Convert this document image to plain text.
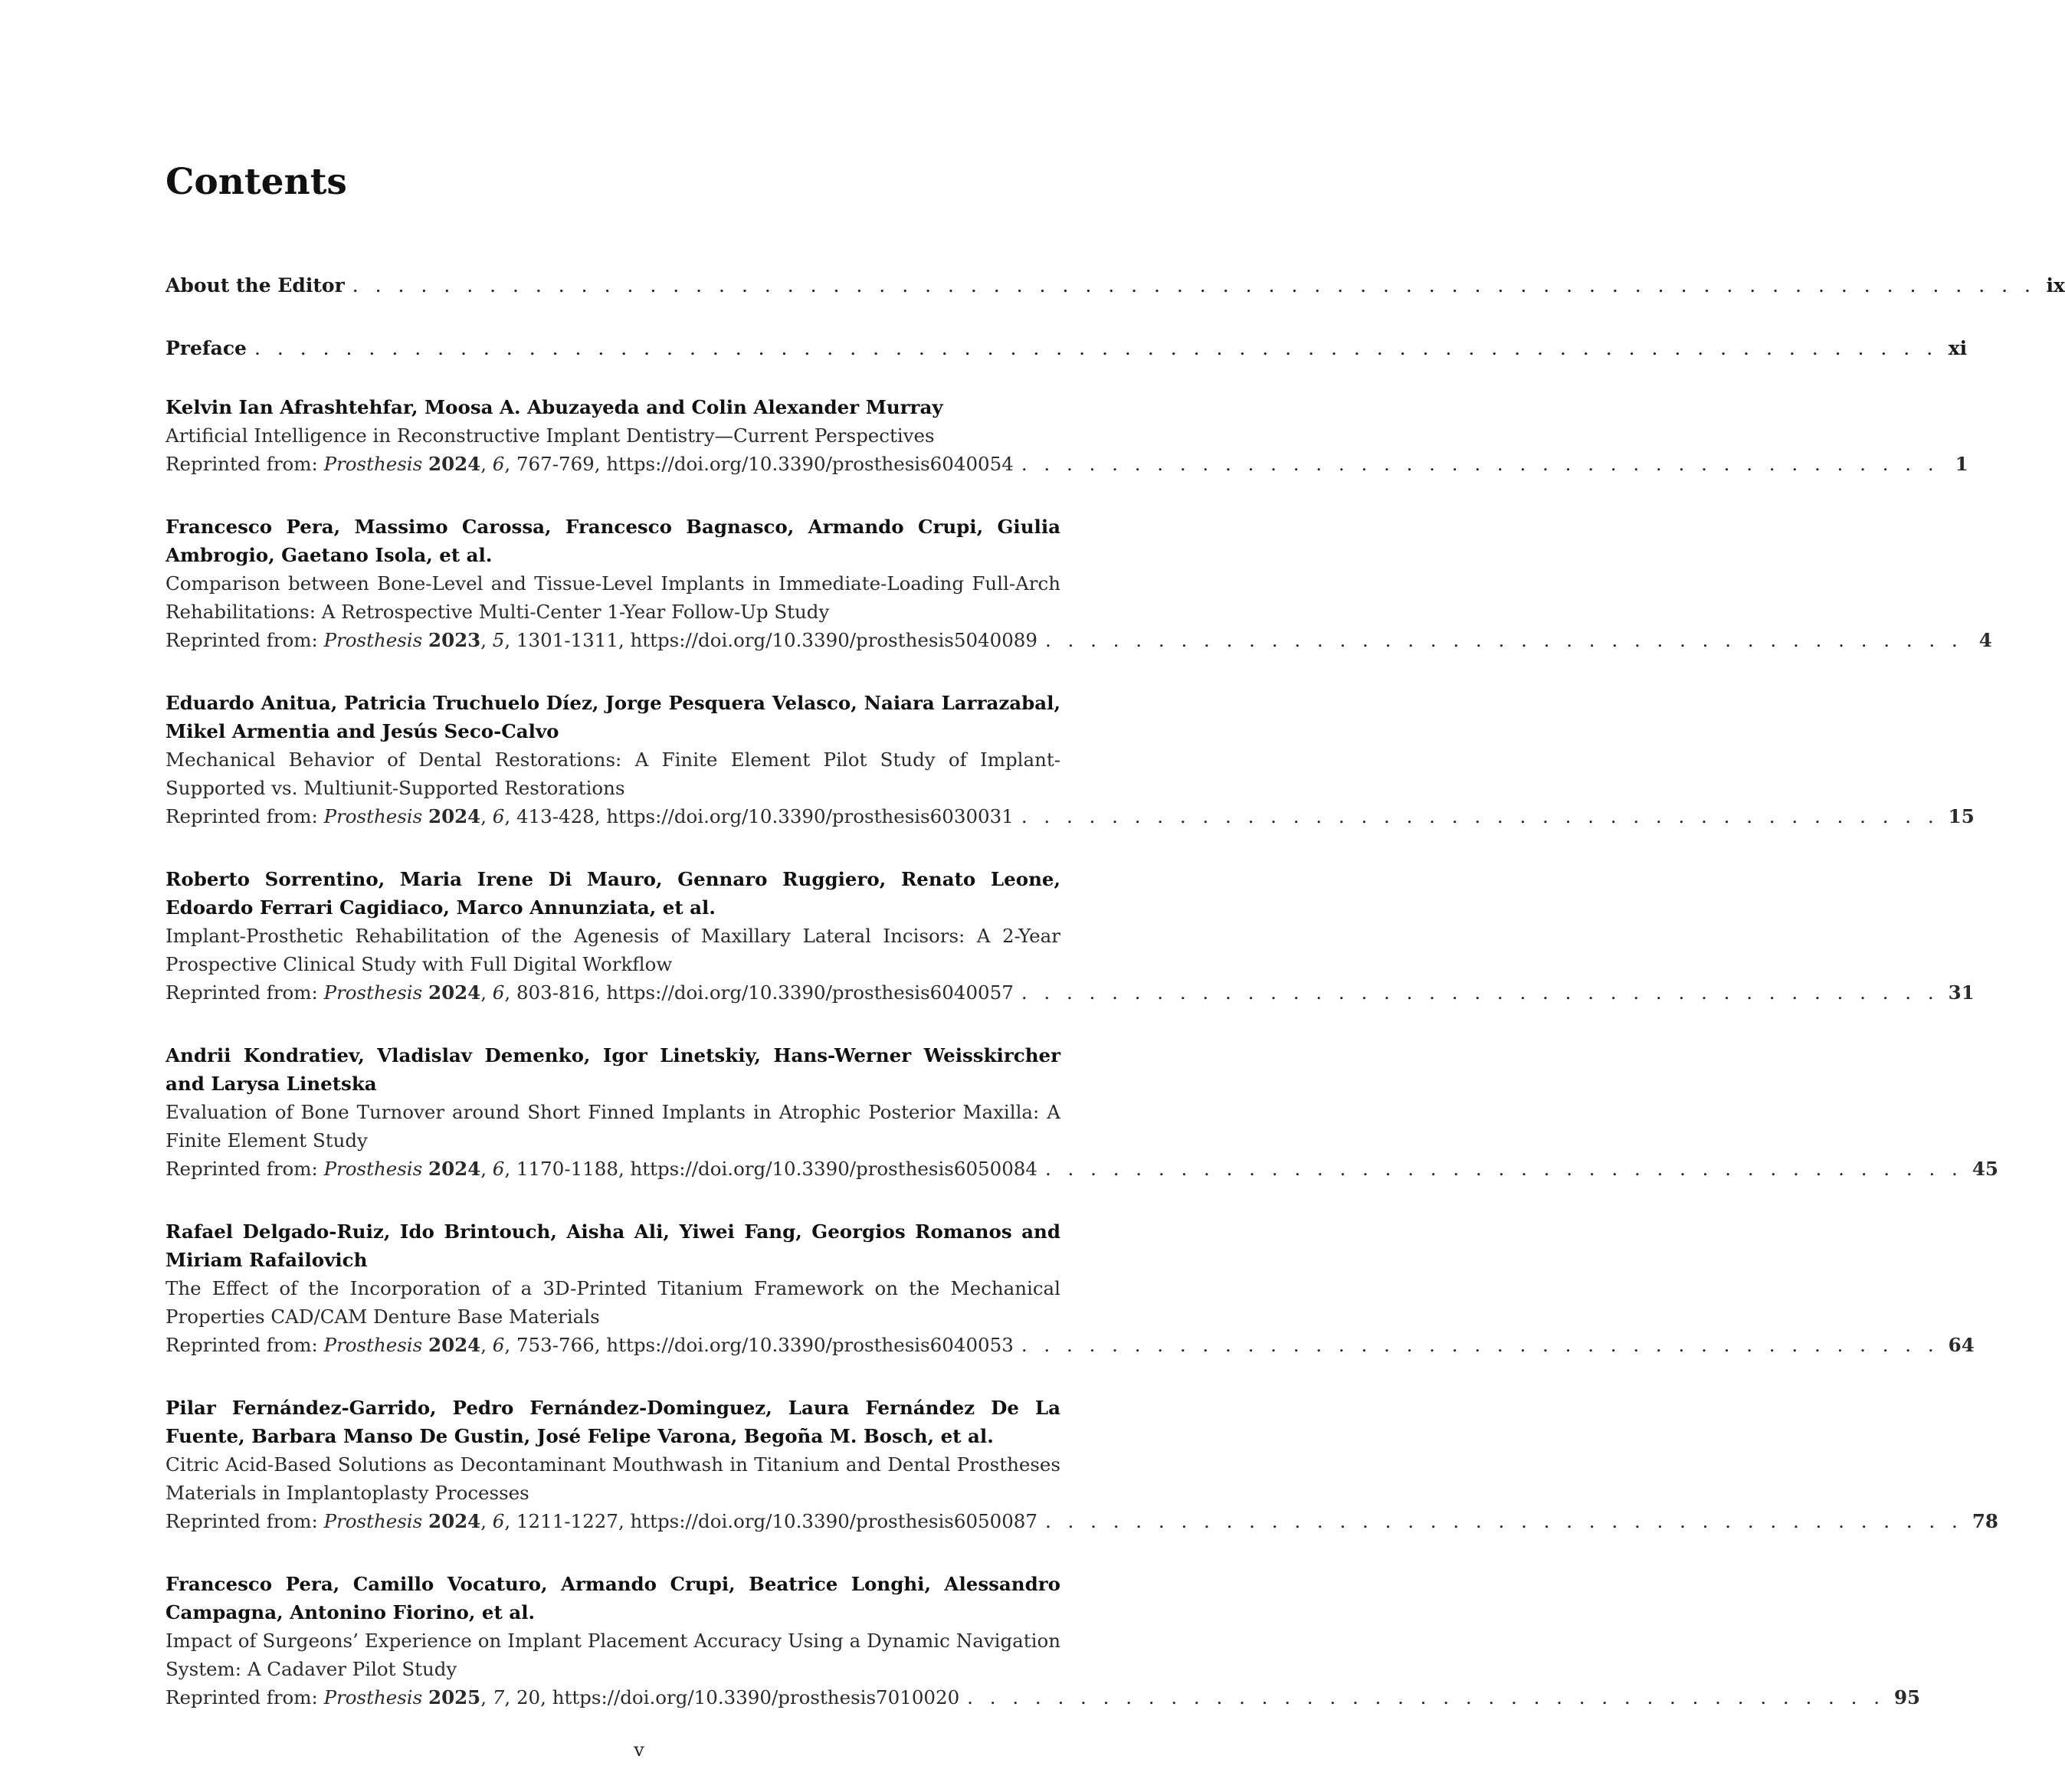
Contents
About the Editor . . . . . . . . . . . . . . . . . . . . . . . . . . . . . . . . . . . . . . . . . . . . . . . . . . . . . . . . . . . . . . . . . . . . . . . . . . ix
Preface . . . . . . . . . . . . . . . . . . . . . . . . . . . . . . . . . . . . . . . . . . . . . . . . . . . . . . . . . . . . . . . . . . . . . . . . . . xi
Kelvin Ian Afrashtehfar, Moosa A. Abuzayeda and Colin Alexander Murray
Artificial Intelligence in Reconstructive Implant Dentistry—Current Perspectives
Reprinted from: Prosthesis 2024, 6, 767-769, https://doi.org/10.3390/prosthesis6040054 . . . . . . . . . . . . . . . . . . . . . . . . . . . . . . . . . . . . . . . . . 1
Francesco Pera, Massimo Carossa, Francesco Bagnasco, Armando Crupi, Giulia Ambrogio, Gaetano Isola, et al.
Comparison between Bone-Level and Tissue-Level Implants in Immediate-Loading Full-Arch Rehabilitations: A Retrospective Multi-Center 1-Year Follow-Up Study
Reprinted from: Prosthesis 2023, 5, 1301-1311, https://doi.org/10.3390/prosthesis5040089 . . . . . . . . . . . . . . . . . . . . . . . . . . . . . . . . . . . . . . . . . 4
Eduardo Anitua, Patricia Truchuelo Díez, Jorge Pesquera Velasco, Naiara Larrazabal, Mikel Armentia and Jesús Seco-Calvo
Mechanical Behavior of Dental Restorations: A Finite Element Pilot Study of Implant-Supported vs. Multiunit-Supported Restorations
Reprinted from: Prosthesis 2024, 6, 413-428, https://doi.org/10.3390/prosthesis6030031 . . . . . . . . . . . . . . . . . . . . . . . . . . . . . . . . . . . . . . . . . 15
Roberto Sorrentino, Maria Irene Di Mauro, Gennaro Ruggiero, Renato Leone, Edoardo Ferrari Cagidiaco, Marco Annunziata, et al.
Implant-Prosthetic Rehabilitation of the Agenesis of Maxillary Lateral Incisors: A 2-Year Prospective Clinical Study with Full Digital Workflow
Reprinted from: Prosthesis 2024, 6, 803-816, https://doi.org/10.3390/prosthesis6040057 . . . . . . . . . . . . . . . . . . . . . . . . . . . . . . . . . . . . . . . . . 31
Andrii Kondratiev, Vladislav Demenko, Igor Linetskiy, Hans-Werner Weisskircher and Larysa Linetska
Evaluation of Bone Turnover around Short Finned Implants in Atrophic Posterior Maxilla: A Finite Element Study
Reprinted from: Prosthesis 2024, 6, 1170-1188, https://doi.org/10.3390/prosthesis6050084 . . . . . . . . . . . . . . . . . . . . . . . . . . . . . . . . . . . . . . . . . 45
Rafael Delgado-Ruiz, Ido Brintouch, Aisha Ali, Yiwei Fang, Georgios Romanos and Miriam Rafailovich
The Effect of the Incorporation of a 3D-Printed Titanium Framework on the Mechanical Properties CAD/CAM Denture Base Materials
Reprinted from: Prosthesis 2024, 6, 753-766, https://doi.org/10.3390/prosthesis6040053 . . . . . . . . . . . . . . . . . . . . . . . . . . . . . . . . . . . . . . . . . 64
Pilar Fernández-Garrido, Pedro Fernández-Dominguez, Laura Fernández De La Fuente, Barbara Manso De Gustin, José Felipe Varona, Begoña M. Bosch, et al.
Citric Acid-Based Solutions as Decontaminant Mouthwash in Titanium and Dental Prostheses Materials in Implantoplasty Processes
Reprinted from: Prosthesis 2024, 6, 1211-1227, https://doi.org/10.3390/prosthesis6050087 . . . . . . . . . . . . . . . . . . . . . . . . . . . . . . . . . . . . . . . . . 78
Francesco Pera, Camillo Vocaturo, Armando Crupi, Beatrice Longhi, Alessandro Campagna, Antonino Fiorino, et al.
Impact of Surgeons’ Experience on Implant Placement Accuracy Using a Dynamic Navigation System: A Cadaver Pilot Study
Reprinted from: Prosthesis 2025, 7, 20, https://doi.org/10.3390/prosthesis7010020 . . . . . . . . . . . . . . . . . . . . . . . . . . . . . . . . . . . . . . . . . 95
v
